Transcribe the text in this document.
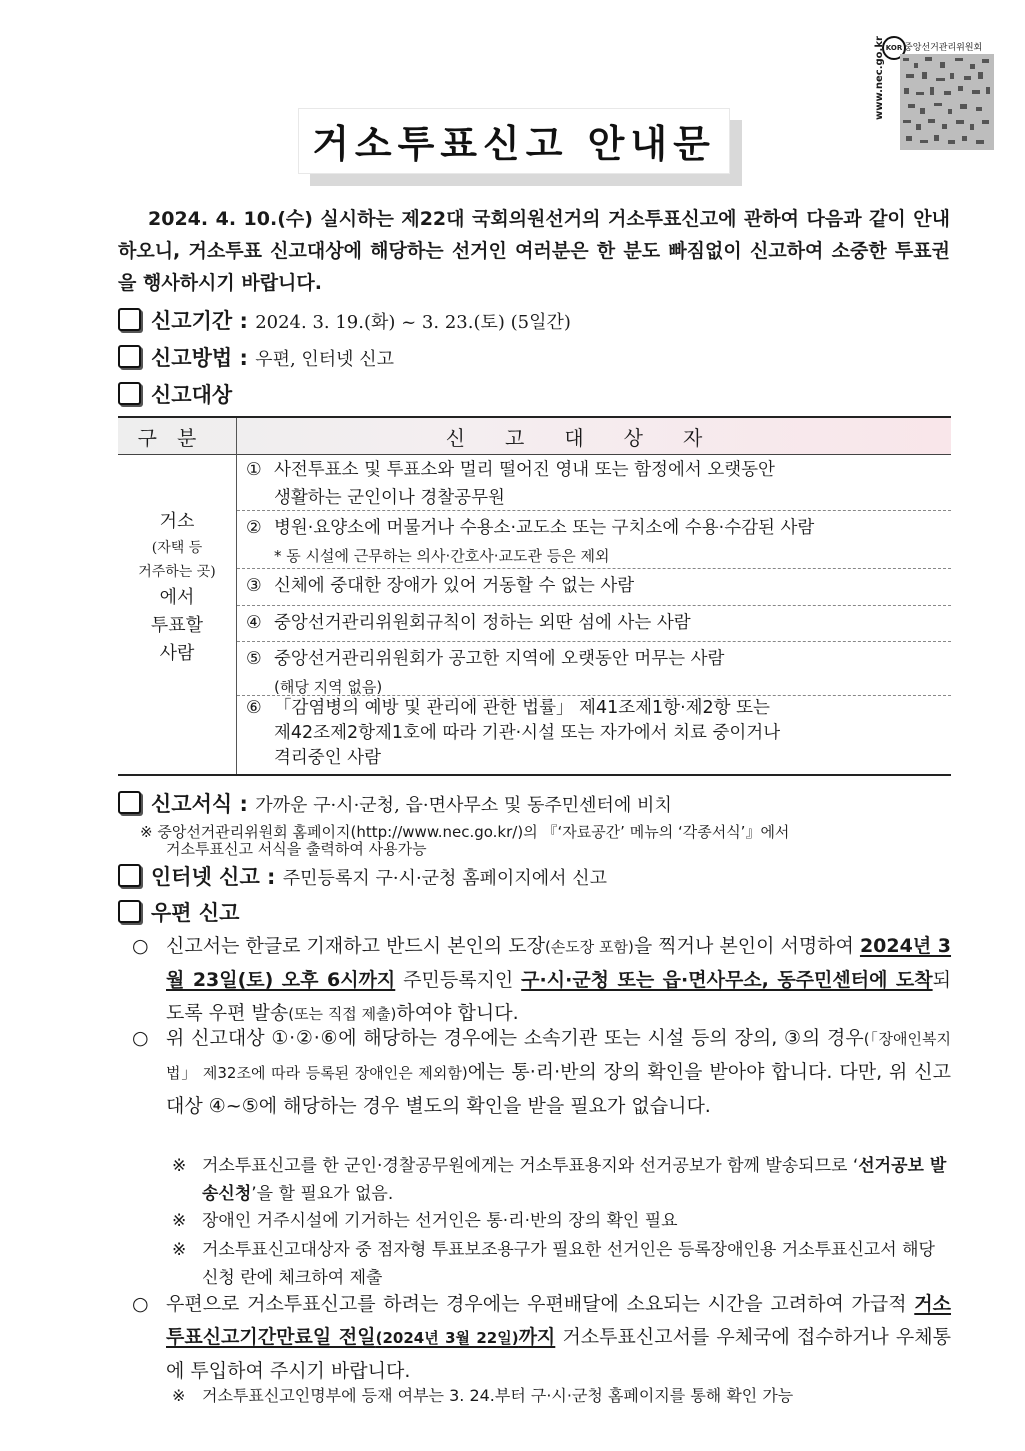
KOR 중앙선거관리위원회
www.nec.go.kr
거소투표신고 안내문
2024. 4. 10.(수) 실시하는 제22대 국회의원선거의 거소투표신고에 관하여 다음과 같이 안내하오니, 거소투표 신고대상에 해당하는 선거인 여러분은 한 분도 빠짐없이 신고하여 소중한 투표권을 행사하시기 바랍니다.
신고기간 : 2024. 3. 19.(화) ~ 3. 23.(토) (5일간)
신고방법 : 우편, 인터넷 신고
신고대상
구분	신고대상자
거소

(자택 등
거주하는 곳)
에서
투표할
사람
① 사전투표소 및 투표소와 멀리 떨어진 영내 또는 함정에서 오랫동안
생활하는 군인이나 경찰공무원
② 병원·요양소에 머물거나 수용소·교도소 또는 구치소에 수용·수감된 사람
* 동 시설에 근무하는 의사·간호사·교도관 등은 제외
③ 신체에 중대한 장애가 있어 거동할 수 없는 사람
④ 중앙선거관리위원회규칙이 정하는 외딴 섬에 사는 사람
⑤ 중앙선거관리위원회가 공고한 지역에 오랫동안 머무는 사람
(해당 지역 없음)
⑥ 「감염병의 예방 및 관리에 관한 법률」 제41조제1항·제2항 또는
제42조제2항제1호에 따라 기관·시설 또는 자가에서 치료 중이거나
격리중인 사람
신고서식 : 가까운 구·시·군청, 읍·면사무소 및 동주민센터에 비치
※ 중앙선거관리위원회 홈페이지(http://www.nec.go.kr/)의 『‘자료공간’ 메뉴의 ‘각종서식’』에서
거소투표신고 서식을 출력하여 사용가능
인터넷 신고 : 주민등록지 구·시·군청 홈페이지에서 신고
우편 신고
○ 신고서는 한글로 기재하고 반드시 본인의 도장(손도장 포함)을 찍거나 본인이 서명하여 2024년 3월 23일(토) 오후 6시까지 주민등록지인 구·시·군청 또는 읍·면사무소, 동주민센터에 도착되도록 우편 발송(또는 직접 제출)하여야 합니다.
○ 위 신고대상 ①·②·⑥에 해당하는 경우에는 소속기관 또는 시설 등의 장의, ③의 경우(「장애인복지법」 제32조에 따라 등록된 장애인은 제외함)에는 통·리·반의 장의 확인을 받아야 합니다. 다만, 위 신고대상 ④~⑤에 해당하는 경우 별도의 확인을 받을 필요가 없습니다.
※ 거소투표신고를 한 군인·경찰공무원에게는 거소투표용지와 선거공보가 함께 발송되므로 ‘선거공보 발송신청’을 할 필요가 없음.
※ 장애인 거주시설에 기거하는 선거인은 통·리·반의 장의 확인 필요
※ 거소투표신고대상자 중 점자형 투표보조용구가 필요한 선거인은 등록장애인용 거소투표신고서 해당 신청 란에 체크하여 제출
○ 우편으로 거소투표신고를 하려는 경우에는 우편배달에 소요되는 시간을 고려하여 가급적 거소투표신고기간만료일 전일(2024년 3월 22일)까지 거소투표신고서를 우체국에 접수하거나 우체통에 투입하여 주시기 바랍니다.
※	거소투표신고인명부에 등재 여부는 3. 24.부터 구·시·군청 홈페이지를 통해 확인 가능
